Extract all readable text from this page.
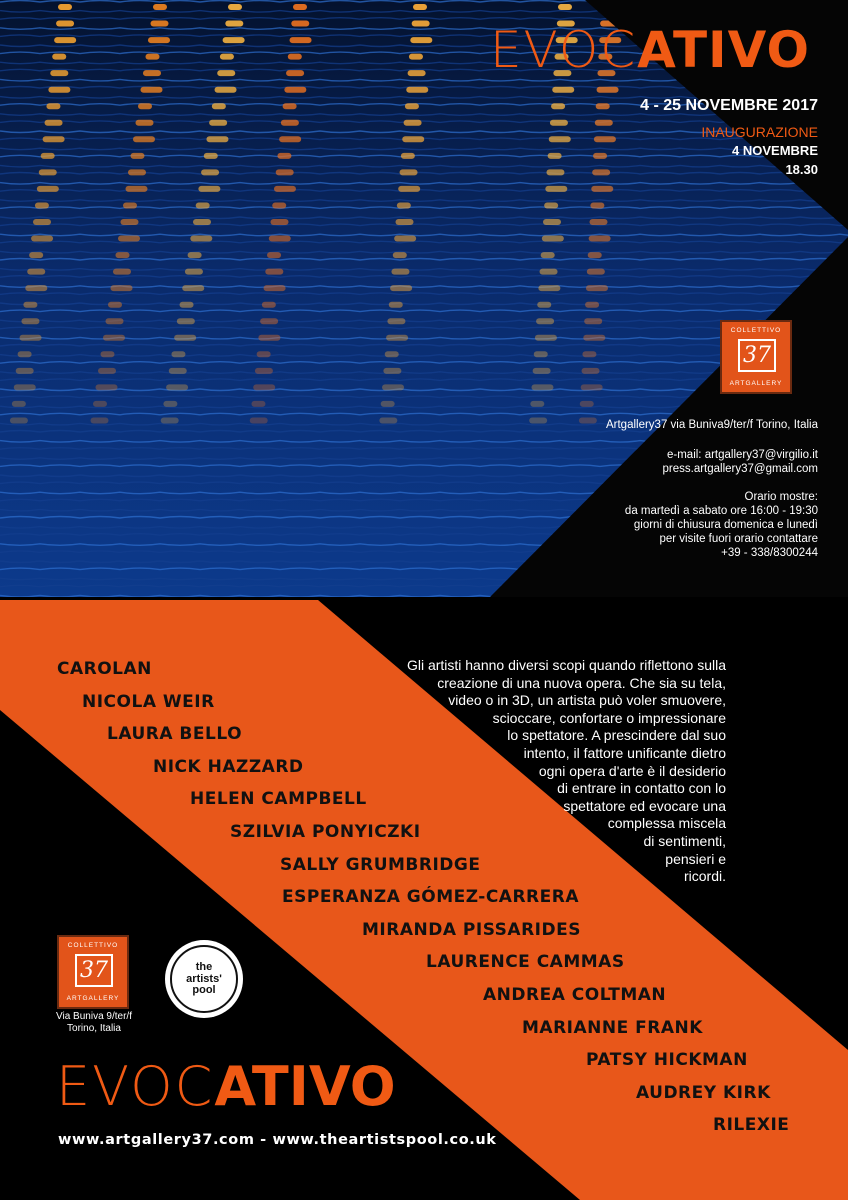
EVOCATIVO
4 - 25 NOVEMBRE 2017
INAUGURAZIONE
4 NOVEMBRE
18.30
COLLETTIVO
37
ARTGALLERY
Artgallery37 via Buniva9/ter/f Torino, Italia
e-mail: artgallery37@virgilio.it
press.artgallery37@gmail.com
Orario mostre:
da martedì a sabato ore 16:00 - 19:30
giorni di chiusura domenica e lunedì
per visite fuori orario contattare
+39 - 338/8300244
CAROLAN
NICOLA WEIR
LAURA BELLO
NICK HAZZARD
HELEN CAMPBELL
SZILVIA PONYICZKI
SALLY GRUMBRIDGE
ESPERANZA GÓMEZ-CARRERA
MIRANDA PISSARIDES
LAURENCE CAMMAS
ANDREA COLTMAN
MARIANNE FRANK
PATSY HICKMAN
AUDREY KIRK
RILEXIE
Gli artisti hanno diversi scopi quando riflettono sulla
creazione di una nuova opera. Che sia su tela,
video o in 3D, un artista può voler smuovere,
scioccare, confortare o impressionare
lo spettatore. A prescindere dal suo
intento, il fattore unificante dietro
ogni opera d'arte è il desiderio
di entrare in contatto con lo
spettatore ed evocare una
complessa miscela
di sentimenti,
pensieri e
ricordi.
COLLETTIVO
37
ARTGALLERY
Via Buniva 9/ter/f
Torino, Italia
the
artists'
pool
EVOCATIVO
www.artgallery37.com - www.theartistspool.co.uk
